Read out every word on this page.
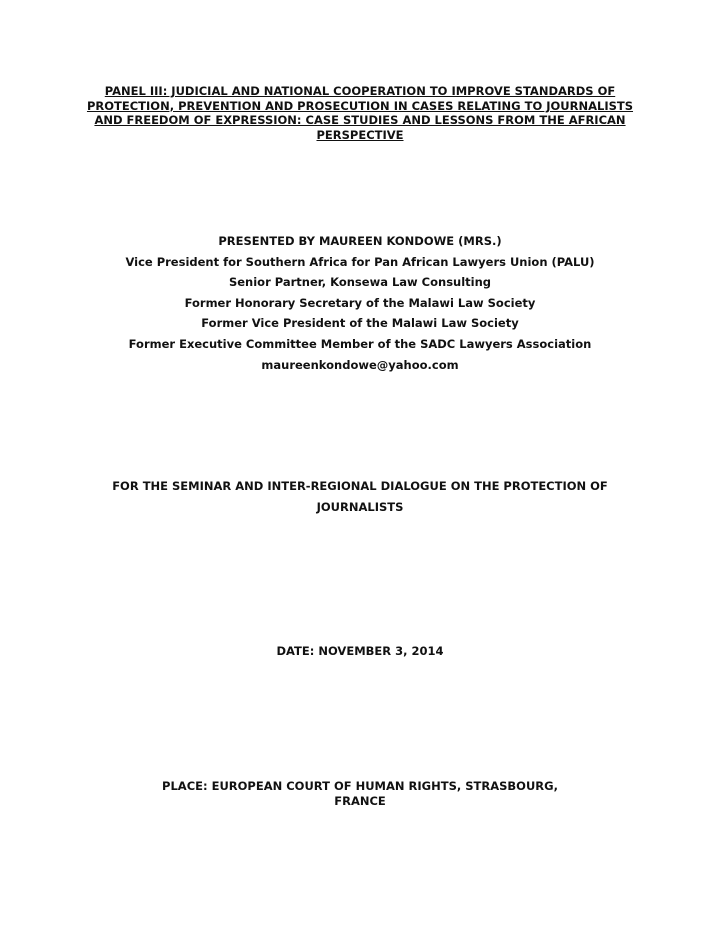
PANEL III: JUDICIAL AND NATIONAL COOPERATION TO IMPROVE STANDARDS OF PROTECTION, PREVENTION AND PROSECUTION IN CASES RELATING TO JOURNALISTS AND FREEDOM OF EXPRESSION: CASE STUDIES AND LESSONS FROM THE AFRICAN PERSPECTIVE
PRESENTED BY MAUREEN KONDOWE (MRS.)
Vice President for Southern Africa for Pan African Lawyers Union (PALU)
Senior Partner, Konsewa Law Consulting
Former Honorary Secretary of the Malawi Law Society
Former Vice President of the Malawi Law Society
Former Executive Committee Member of the SADC Lawyers Association
maureenkondowe@yahoo.com
FOR THE SEMINAR AND INTER-REGIONAL DIALOGUE ON THE PROTECTION OF JOURNALISTS
DATE: NOVEMBER 3, 2014
PLACE: EUROPEAN COURT OF HUMAN RIGHTS, STRASBOURG, FRANCE
